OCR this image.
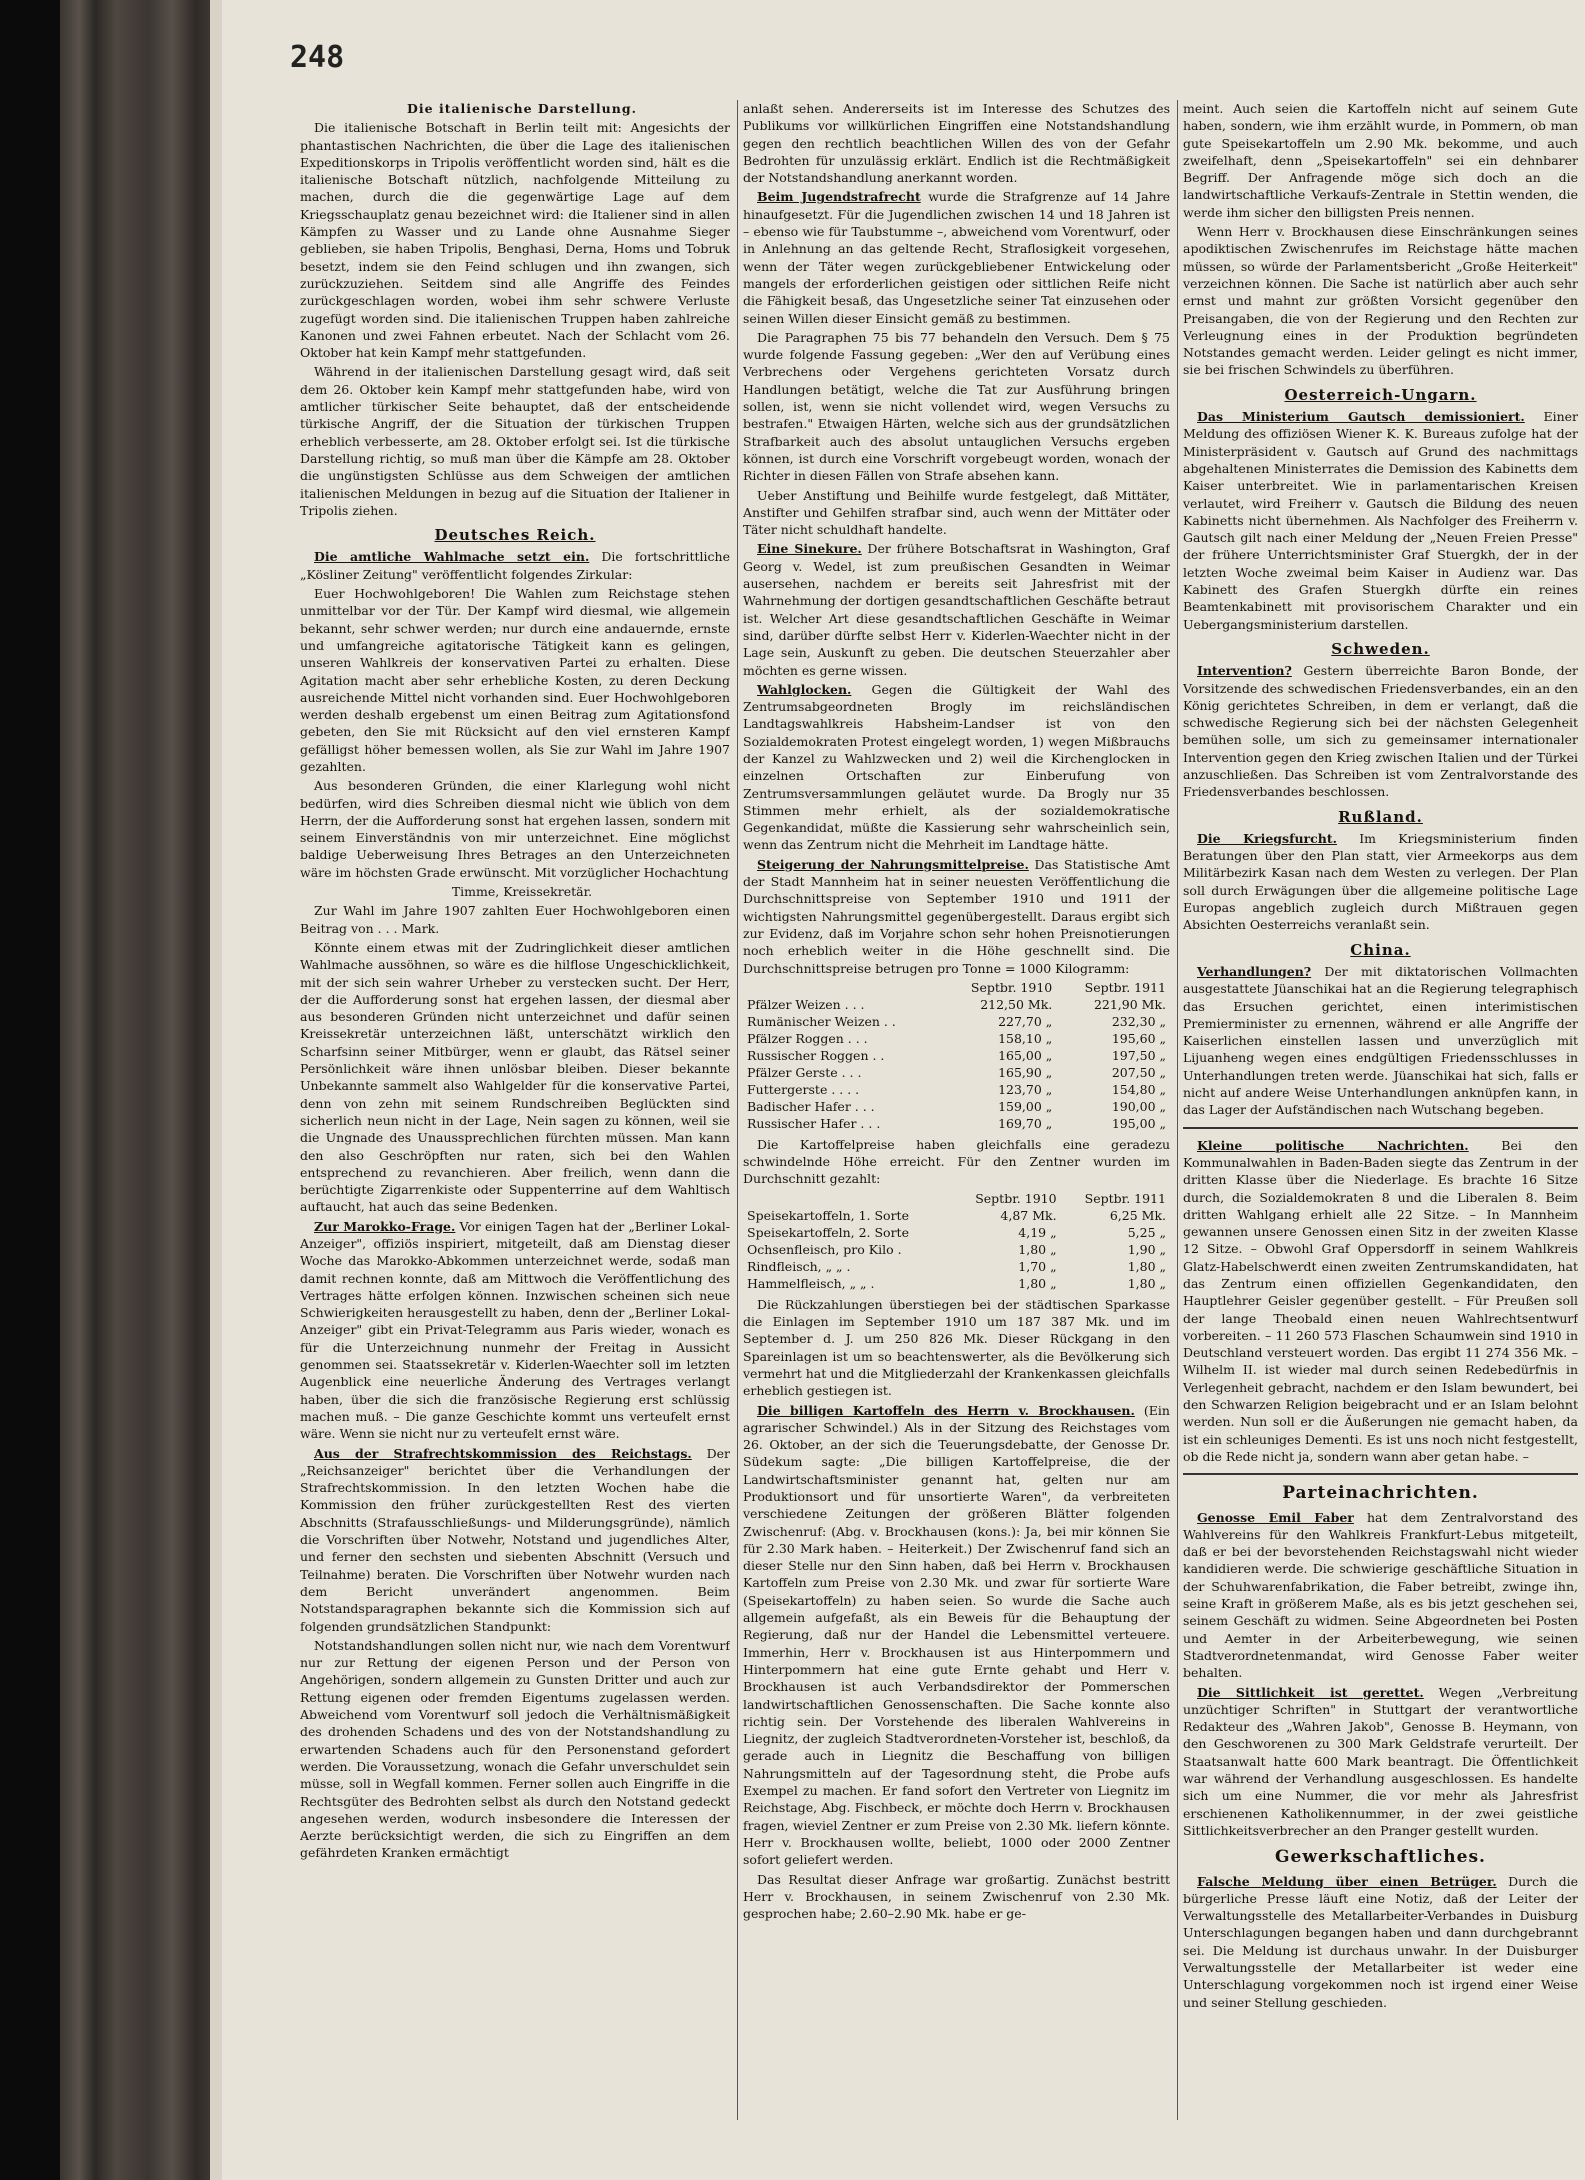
248

Die italienische Darstellung.

Die italienische Botschaft in Berlin teilt mit: Angesichts der phantastischen Nachrichten, die über die Lage des italienischen Expeditionskorps in Tripolis veröffentlicht worden sind, hält es die italienische Botschaft nützlich, nachfolgende Mitteilung zu machen, durch die die gegenwärtige Lage auf dem Kriegsschauplatz genau bezeichnet wird: die Italiener sind in allen Kämpfen zu Wasser und zu Lande ohne Ausnahme Sieger geblieben, sie haben Tripolis, Benghasi, Derna, Homs und Tobruk besetzt, indem sie den Feind schlugen und ihn zwangen, sich zurückzuziehen. Seitdem sind alle Angriffe des Feindes zurückgeschlagen worden, wobei ihm sehr schwere Verluste zugefügt worden sind. Die italienischen Truppen haben zahlreiche Kanonen und zwei Fahnen erbeutet. Nach der Schlacht vom 26. Oktober hat kein Kampf mehr stattgefunden.

Während in der italienischen Darstellung gesagt wird, daß seit dem 26. Oktober kein Kampf mehr stattgefunden habe, wird von amtlicher türkischer Seite behauptet, daß der entscheidende türkische Angriff, der die Situation der türkischen Truppen erheblich verbesserte, am 28. Oktober erfolgt sei. Ist die türkische Darstellung richtig, so muß man über die Kämpfe am 28. Oktober die ungünstigsten Schlüsse aus dem Schweigen der amtlichen italienischen Meldungen in bezug auf die Situation der Italiener in Tripolis ziehen.

Deutsches Reich.

Die amtliche Wahlmache setzt ein. Die fortschrittliche „Kösliner Zeitung" veröffentlicht folgendes Zirkular:

Euer Hochwohlgeboren! Die Wahlen zum Reichstage stehen unmittelbar vor der Tür. Der Kampf wird diesmal, wie allgemein bekannt, sehr schwer werden; nur durch eine andauernde, ernste und umfangreiche agitatorische Tätigkeit kann es gelingen, unseren Wahlkreis der konservativen Partei zu erhalten. Diese Agitation macht aber sehr erhebliche Kosten, zu deren Deckung ausreichende Mittel nicht vorhanden sind. Euer Hochwohlgeboren werden deshalb ergebenst um einen Beitrag zum Agitationsfond gebeten, den Sie mit Rücksicht auf den viel ernsteren Kampf gefälligst höher bemessen wollen, als Sie zur Wahl im Jahre 1907 gezahlten.

Aus besonderen Gründen, die einer Klarlegung wohl nicht bedürfen, wird dies Schreiben diesmal nicht wie üblich von dem Herrn, der die Aufforderung sonst hat ergehen lassen, sondern mit seinem Einverständnis von mir unterzeichnet. Eine möglichst baldige Ueberweisung Ihres Betrages an den Unterzeichneten wäre im höchsten Grade erwünscht. Mit vorzüglicher Hochachtung

Timme, Kreissekretär.

Zur Wahl im Jahre 1907 zahlten Euer Hochwohlgeboren einen Beitrag von . . . Mark.

Könnte einem etwas mit der Zudringlichkeit dieser amtlichen Wahlmache aussöhnen, so wäre es die hilflose Ungeschicklichkeit, mit der sich sein wahrer Urheber zu verstecken sucht. Der Herr, der die Aufforderung sonst hat ergehen lassen, der diesmal aber aus besonderen Gründen nicht unterzeichnet und dafür seinen Kreissekretär unterzeichnen läßt, unterschätzt wirklich den Scharfsinn seiner Mitbürger, wenn er glaubt, das Rätsel seiner Persönlichkeit wäre ihnen unlösbar bleiben. Dieser bekannte Unbekannte sammelt also Wahlgelder für die konservative Partei, denn von zehn mit seinem Rundschreiben Beglückten sind sicherlich neun nicht in der Lage, Nein sagen zu können, weil sie die Ungnade des Unaussprechlichen fürchten müssen. Man kann den also Geschröpften nur raten, sich bei den Wahlen entsprechend zu revanchieren. Aber freilich, wenn dann die berüchtigte Zigarrenkiste oder Suppenterrine auf dem Wahltisch auftaucht, hat auch das seine Bedenken.

Zur Marokko-Frage. Vor einigen Tagen hat der „Berliner Lokal-Anzeiger", offiziös inspiriert, mitgeteilt, daß am Dienstag dieser Woche das Marokko-Abkommen unterzeichnet werde, sodaß man damit rechnen konnte, daß am Mittwoch die Veröffentlichung des Vertrages hätte erfolgen können. Inzwischen scheinen sich neue Schwierigkeiten herausgestellt zu haben, denn der „Berliner Lokal-Anzeiger" gibt ein Privat-Telegramm aus Paris wieder, wonach es für die Unterzeichnung nunmehr der Freitag in Aussicht genommen sei. Staatssekretär v. Kiderlen-Waechter soll im letzten Augenblick eine neuerliche Änderung des Vertrages verlangt haben, über die sich die französische Regierung erst schlüssig machen muß. – Die ganze Geschichte kommt uns verteufelt ernst wäre. Wenn sie nicht nur zu verteufelt ernst wäre.

Aus der Strafrechtskommission des Reichstags. Der „Reichsanzeiger" berichtet über die Verhandlungen der Strafrechtskommission. In den letzten Wochen habe die Kommission den früher zurückgestellten Rest des vierten Abschnitts (Strafausschließungs- und Milderungsgründe), nämlich die Vorschriften über Notwehr, Notstand und jugendliches Alter, und ferner den sechsten und siebenten Abschnitt (Versuch und Teilnahme) beraten. Die Vorschriften über Notwehr wurden nach dem Bericht unverändert angenommen. Beim Notstandsparagraphen bekannte sich die Kommission sich auf folgenden grundsätzlichen Standpunkt:

Notstandshandlungen sollen nicht nur, wie nach dem Vorentwurf nur zur Rettung der eigenen Person und der Person von Angehörigen, sondern allgemein zu Gunsten Dritter und auch zur Rettung eigenen oder fremden Eigentums zugelassen werden. Abweichend vom Vorentwurf soll jedoch die Verhältnismäßigkeit des drohenden Schadens und des von der Notstandshandlung zu erwartenden Schadens auch für den Personenstand gefordert werden. Die Voraussetzung, wonach die Gefahr unverschuldet sein müsse, soll in Wegfall kommen. Ferner sollen auch Eingriffe in die Rechtsgüter des Bedrohten selbst als durch den Notstand gedeckt angesehen werden, wodurch insbesondere die Interessen der Aerzte berücksichtigt werden, die sich zu Eingriffen an dem gefährdeten Kranken ermächtigt

anlaßt sehen. Andererseits ist im Interesse des Schutzes des Publikums vor willkürlichen Eingriffen eine Notstandshandlung gegen den rechtlich beachtlichen Willen des von der Gefahr Bedrohten für unzulässig erklärt. Endlich ist die Rechtmäßigkeit der Notstandshandlung anerkannt worden.

Beim Jugendstrafrecht wurde die Strafgrenze auf 14 Jahre hinaufgesetzt. Für die Jugendlichen zwischen 14 und 18 Jahren ist – ebenso wie für Taubstumme –, abweichend vom Vorentwurf, oder in Anlehnung an das geltende Recht, Straflosigkeit vorgesehen, wenn der Täter wegen zurückgebliebener Entwickelung oder mangels der erforderlichen geistigen oder sittlichen Reife nicht die Fähigkeit besaß, das Ungesetzliche seiner Tat einzusehen oder seinen Willen dieser Einsicht gemäß zu bestimmen.

Die Paragraphen 75 bis 77 behandeln den Versuch. Dem § 75 wurde folgende Fassung gegeben: „Wer den auf Verübung eines Verbrechens oder Vergehens gerichteten Vorsatz durch Handlungen betätigt, welche die Tat zur Ausführung bringen sollen, ist, wenn sie nicht vollendet wird, wegen Versuchs zu bestrafen." Etwaigen Härten, welche sich aus der grundsätzlichen Strafbarkeit auch des absolut untauglichen Versuchs ergeben können, ist durch eine Vorschrift vorgebeugt worden, wonach der Richter in diesen Fällen von Strafe absehen kann.

Ueber Anstiftung und Beihilfe wurde festgelegt, daß Mittäter, Anstifter und Gehilfen strafbar sind, auch wenn der Mittäter oder Täter nicht schuldhaft handelte.

Eine Sinekure. Der frühere Botschaftsrat in Washington, Graf Georg v. Wedel, ist zum preußischen Gesandten in Weimar ausersehen, nachdem er bereits seit Jahresfrist mit der Wahrnehmung der dortigen gesandtschaftlichen Geschäfte betraut ist. Welcher Art diese gesandtschaftlichen Geschäfte in Weimar sind, darüber dürfte selbst Herr v. Kiderlen-Waechter nicht in der Lage sein, Auskunft zu geben. Die deutschen Steuerzahler aber möchten es gerne wissen.

Wahlglocken. Gegen die Gültigkeit der Wahl des Zentrumsabgeordneten Brogly im reichsländischen Landtagswahlkreis Habsheim-Landser ist von den Sozialdemokraten Protest eingelegt worden, 1) wegen Mißbrauchs der Kanzel zu Wahlzwecken und 2) weil die Kirchenglocken in einzelnen Ortschaften zur Einberufung von Zentrumsversammlungen geläutet wurde. Da Brogly nur 35 Stimmen mehr erhielt, als der sozialdemokratische Gegenkandidat, müßte die Kassierung sehr wahrscheinlich sein, wenn das Zentrum nicht die Mehrheit im Landtage hätte.

Steigerung der Nahrungsmittelpreise. Das Statistische Amt der Stadt Mannheim hat in seiner neuesten Veröffentlichung die Durchschnittspreise von September 1910 und 1911 der wichtigsten Nahrungsmittel gegenübergestellt. Daraus ergibt sich zur Evidenz, daß im Vorjahre schon sehr hohen Preisnotierungen noch erheblich weiter in die Höhe geschnellt sind. Die Durchschnittspreise betrugen pro Tonne = 1000 Kilogramm:

	Septbr. 1910	Septbr. 1911
Pfälzer Weizen . . .	212,50 Mk.	221,90 Mk.
Rumänischer Weizen . .	227,70 „	232,30 „
Pfälzer Roggen . . .	158,10 „	195,60 „
Russischer Roggen . .	165,00 „	197,50 „
Pfälzer Gerste . . .	165,90 „	207,50 „
Futtergerste . . . .	123,70 „	154,80 „
Badischer Hafer . . .	159,00 „	190,00 „
Russischer Hafer . . .	169,70 „	195,00 „

Die Kartoffelpreise haben gleichfalls eine geradezu schwindelnde Höhe erreicht. Für den Zentner wurden im Durchschnitt gezahlt:

	Septbr. 1910	Septbr. 1911
Speisekartoffeln, 1. Sorte	4,87 Mk.	6,25 Mk.
Speisekartoffeln, 2. Sorte	4,19 „	5,25 „
Ochsenfleisch, pro Kilo .	1,80 „	1,90 „
Rindfleisch, „ „ .	1,70 „	1,80 „
Hammelfleisch, „ „ .	1,80 „	1,80 „

Die Rückzahlungen überstiegen bei der städtischen Sparkasse die Einlagen im September 1910 um 187 387 Mk. und im September d. J. um 250 826 Mk. Dieser Rückgang in den Spareinlagen ist um so beachtenswerter, als die Bevölkerung sich vermehrt hat und die Mitgliederzahl der Krankenkassen gleichfalls erheblich gestiegen ist.

Die billigen Kartoffeln des Herrn v. Brockhausen. (Ein agrarischer Schwindel.) Als in der Sitzung des Reichstages vom 26. Oktober, an der sich die Teuerungsdebatte, der Genosse Dr. Südekum sagte: „Die billigen Kartoffelpreise, die der Landwirtschaftsminister genannt hat, gelten nur am Produktionsort und für unsortierte Waren", da verbreiteten verschiedene Zeitungen der größeren Blätter folgenden Zwischenruf: (Abg. v. Brockhausen (kons.): Ja, bei mir können Sie für 2.30 Mark haben. – Heiterkeit.) Der Zwischenruf fand sich an dieser Stelle nur den Sinn haben, daß bei Herrn v. Brockhausen Kartoffeln zum Preise von 2.30 Mk. und zwar für sortierte Ware (Speisekartoffeln) zu haben seien. So wurde die Sache auch allgemein aufgefaßt, als ein Beweis für die Behauptung der Regierung, daß nur der Handel die Lebensmittel verteuere. Immerhin, Herr v. Brockhausen ist aus Hinterpommern und Hinterpommern hat eine gute Ernte gehabt und Herr v. Brockhausen ist auch Verbandsdirektor der Pommerschen landwirtschaftlichen Genossenschaften. Die Sache konnte also richtig sein. Der Vorstehende des liberalen Wahlvereins in Liegnitz, der zugleich Stadtverordneten-Vorsteher ist, beschloß, da gerade auch in Liegnitz die Beschaffung von billigen Nahrungsmitteln auf der Tagesordnung steht, die Probe aufs Exempel zu machen. Er fand sofort den Vertreter von Liegnitz im Reichstage, Abg. Fischbeck, er möchte doch Herrn v. Brockhausen fragen, wieviel Zentner er zum Preise von 2.30 Mk. liefern könnte. Herr v. Brockhausen wollte, beliebt, 1000 oder 2000 Zentner sofort geliefert werden.

Das Resultat dieser Anfrage war großartig. Zunächst bestritt Herr v. Brockhausen, in seinem Zwischenruf von 2.30 Mk. gesprochen habe; 2.60–2.90 Mk. habe er ge-

meint. Auch seien die Kartoffeln nicht auf seinem Gute haben, sondern, wie ihm erzählt wurde, in Pommern, ob man gute Speisekartoffeln um 2.90 Mk. bekomme, und auch zweifelhaft, denn „Speisekartoffeln" sei ein dehnbarer Begriff. Der Anfragende möge sich doch an die landwirtschaftliche Verkaufs-Zentrale in Stettin wenden, die werde ihm sicher den billigsten Preis nennen.

Wenn Herr v. Brockhausen diese Einschränkungen seines apodiktischen Zwischenrufes im Reichstage hätte machen müssen, so würde der Parlamentsbericht „Große Heiterkeit" verzeichnen können. Die Sache ist natürlich aber auch sehr ernst und mahnt zur größten Vorsicht gegenüber den Preisangaben, die von der Regierung und den Rechten zur Verleugnung eines in der Produktion begründeten Notstandes gemacht werden. Leider gelingt es nicht immer, sie bei frischen Schwindels zu überführen.

Oesterreich-Ungarn.

Das Ministerium Gautsch demissioniert. Einer Meldung des offiziösen Wiener K. K. Bureaus zufolge hat der Ministerpräsident v. Gautsch auf Grund des nachmittags abgehaltenen Ministerrates die Demission des Kabinetts dem Kaiser unterbreitet. Wie in parlamentarischen Kreisen verlautet, wird Freiherr v. Gautsch die Bildung des neuen Kabinetts nicht übernehmen. Als Nachfolger des Freiherrn v. Gautsch gilt nach einer Meldung der „Neuen Freien Presse" der frühere Unterrichtsminister Graf Stuergkh, der in der letzten Woche zweimal beim Kaiser in Audienz war. Das Kabinett des Grafen Stuergkh dürfte ein reines Beamtenkabinett mit provisorischem Charakter und ein Uebergangsministerium darstellen.

Schweden.

Intervention? Gestern überreichte Baron Bonde, der Vorsitzende des schwedischen Friedensverbandes, ein an den König gerichtetes Schreiben, in dem er verlangt, daß die schwedische Regierung sich bei der nächsten Gelegenheit bemühen solle, um sich zu gemeinsamer internationaler Intervention gegen den Krieg zwischen Italien und der Türkei anzuschließen. Das Schreiben ist vom Zentralvorstande des Friedensverbandes beschlossen.

Rußland.

Die Kriegsfurcht. Im Kriegsministerium finden Beratungen über den Plan statt, vier Armeekorps aus dem Militärbezirk Kasan nach dem Westen zu verlegen. Der Plan soll durch Erwägungen über die allgemeine politische Lage Europas angeblich zugleich durch Mißtrauen gegen Absichten Oesterreichs veranlaßt sein.

China.

Verhandlungen? Der mit diktatorischen Vollmachten ausgestattete Jüanschikai hat an die Regierung telegraphisch das Ersuchen gerichtet, einen interimistischen Premierminister zu ernennen, während er alle Angriffe der Kaiserlichen einstellen lassen und unverzüglich mit Lijuanheng wegen eines endgültigen Friedensschlusses in Unterhandlungen treten werde. Jüanschikai hat sich, falls er nicht auf andere Weise Unterhandlungen anknüpfen kann, in das Lager der Aufständischen nach Wutschang begeben.

Kleine politische Nachrichten.	Bei den Kommunalwahlen in Baden-Baden siegte das Zentrum in der dritten Klasse über die Niederlage. Es brachte 16 Sitze durch, die Sozialdemokraten 8 und die Liberalen 8. Beim dritten Wahlgang erhielt alle 22 Sitze. – In Mannheim gewannen unsere Genossen einen Sitz in der zweiten Klasse 12 Sitze. – Obwohl Graf Oppersdorff in seinem Wahlkreis Glatz-Habelschwerdt einen zweiten Zentrumskandidaten, hat das Zentrum einen offiziellen Gegenkandidaten, den Hauptlehrer Geisler gegenüber gestellt. – Für Preußen soll der lange Theobald einen neuen Wahlrechtsentwurf vorbereiten. – 11 260 573 Flaschen Schaumwein sind 1910 in Deutschland versteuert worden. Das ergibt 11 274 356 Mk. – Wilhelm II. ist wieder mal durch seinen Redebedürfnis in Verlegenheit gebracht, nachdem er den Islam bewundert, bei den Schwarzen Religion beigebracht und er an Islam belohnt werden. Nun soll er die Äußerungen nie gemacht haben, da ist ein schleuniges Dementi. Es ist uns noch nicht festgestellt, ob die Rede nicht ja, sondern wann aber getan habe. –

Parteinachrichten.

Genosse Emil Faber hat dem Zentralvorstand des Wahlvereins für den Wahlkreis Frankfurt-Lebus mitgeteilt, daß er bei der bevorstehenden Reichstagswahl nicht wieder kandidieren werde. Die schwierige geschäftliche Situation in der Schuhwarenfabrikation, die Faber betreibt, zwinge ihn, seine Kraft in größerem Maße, als es bis jetzt geschehen sei, seinem Geschäft zu widmen. Seine Abgeordneten bei Posten und Aemter in der Arbeiterbewegung, wie seinen Stadtverordnetenmandat, wird Genosse Faber weiter behalten.

Die Sittlichkeit ist gerettet. Wegen „Verbreitung unzüchtiger Schriften" in Stuttgart der verantwortliche Redakteur des „Wahren Jakob", Genosse B. Heymann, von den Geschworenen zu 300 Mark Geldstrafe verurteilt. Der Staatsanwalt hatte 600 Mark beantragt. Die Öffentlichkeit war während der Verhandlung ausgeschlossen. Es handelte sich um eine Nummer, die vor mehr als Jahresfrist erschienenen Katholikennummer, in der zwei geistliche Sittlichkeitsverbrecher an den Pranger gestellt wurden.

Gewerkschaftliches.

Falsche Meldung über einen Betrüger. Durch die bürgerliche Presse läuft eine Notiz, daß der Leiter der Verwaltungsstelle des Metallarbeiter-Verbandes in Duisburg Unterschlagungen begangen haben und dann durchgebrannt sei. Die Meldung ist durchaus unwahr. In der Duisburger Verwaltungsstelle der Metallarbeiter ist weder eine Unterschlagung vorgekommen noch ist irgend einer Weise und seiner Stellung geschieden.
